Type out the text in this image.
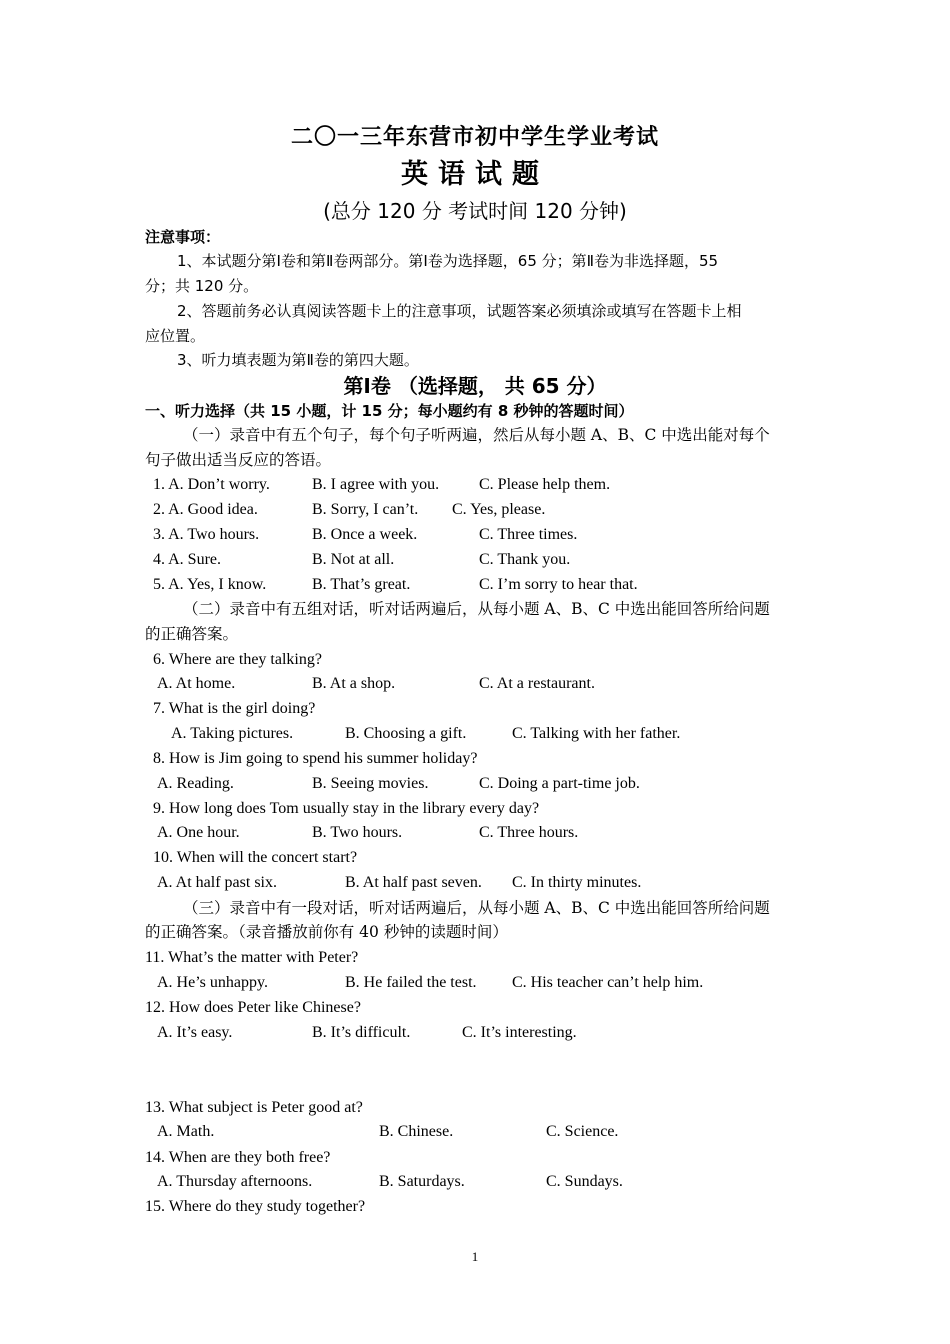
二〇一三年东营市初中学生学业考试
英语试题
(总分 120 分 考试时间 120 分钟)
注意事项：
1、本试题分第Ⅰ卷和第Ⅱ卷两部分。第Ⅰ卷为选择题，65 分；第Ⅱ卷为非选择题，55
分；共 120 分。
2、答题前务必认真阅读答题卡上的注意事项，试题答案必须填涂或填写在答题卡上相
应位置。
3、听力填表题为第Ⅱ卷的第四大题。
第Ⅰ卷 （选择题， 共 65 分）
一、听力选择（共 15 小题，计 15 分；每小题约有 8 秒钟的答题时间）
（一）录音中有五个句子，每个句子听两遍，然后从每小题 A、B、C 中选出能对每个
句子做出适当反应的答语。
1. A. Don’t worry.	B. I agree with you. C. Please help them.
2. A. Good idea.	B. Sorry, I can’t. C. Yes, please.
3. A. Two hours.	B. Once a week.	C. Three times.
4. A. Sure.	B. Not at all.	C. Thank you.
5. A. Yes, I know.	B. That’s great.	C. I’m sorry to hear that.
（二）录音中有五组对话，听对话两遍后，从每小题 A、B、C 中选出能回答所给问题
的正确答案。
6. Where are they talking?
A. At home.	B. At a shop.	C. At a restaurant.
7. What is the girl doing?
A. Taking pictures.	B. Choosing a gift.	C. Talking with her father.
8. How is Jim going to spend his summer holiday?
A. Reading.	B. Seeing movies.	C. Doing a part-time job.
9. How long does Tom usually stay in the library every day?
A. One hour.	B. Two hours.	C. Three hours.
10. When will the concert start?
A. At half past six.	B. At half past seven. C. In thirty minutes.
（三）录音中有一段对话，听对话两遍后，从每小题 A、B、C 中选出能回答所给问题
的正确答案。（录音播放前你有 40 秒钟的读题时间）
11. What’s the matter with Peter?
A. He’s unhappy.	B. He failed the test. C. His teacher can’t help him.
12. How does Peter like Chinese?
A. It’s easy.	B. It’s difficult.	C. It’s interesting.
13. What subject is Peter good at?
A. Math.	B. Chinese.	C. Science.
14. When are they both free?
A. Thursday afternoons.	B. Saturdays.	C. Sundays.
15. Where do they study together?
1
